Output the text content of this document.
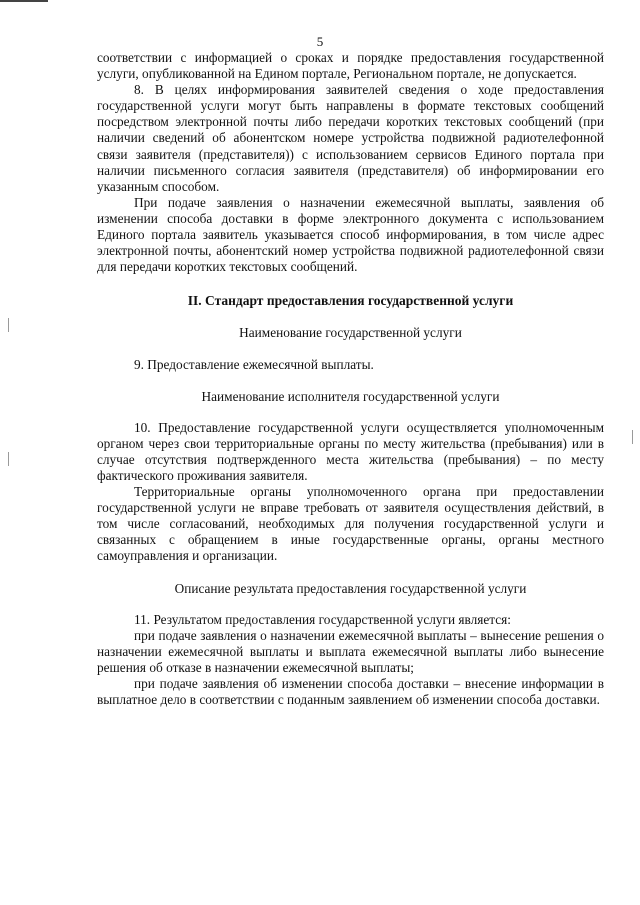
5

соответствии с информацией о сроках и порядке предоставления государственной услуги, опубликованной на Едином портале, Региональном портале, не допускается.

8. В целях информирования заявителей сведения о ходе предоставления государственной услуги могут быть направлены в формате текстовых сообщений посредством электронной почты либо передачи коротких текстовых сообщений (при наличии сведений об абонентском номере устройства подвижной радиотелефонной связи заявителя (представителя)) с использованием сервисов Единого портала при наличии письменного согласия заявителя (представителя) об информировании его указанным способом.

При подаче заявления о назначении ежемесячной выплаты, заявления об изменении способа доставки в форме электронного документа с использованием Единого портала заявитель указывается способ информирования, в том числе адрес электронной почты, абонентский номер устройства подвижной радиотелефонной связи для передачи коротких текстовых сообщений.

II. Стандарт предоставления государственной услуги
Наименование государственной услуги

9. Предоставление ежемесячной выплаты.

Наименование исполнителя государственной услуги

10. Предоставление государственной услуги осуществляется уполномоченным органом через свои территориальные органы по месту жительства (пребывания) или в случае отсутствия подтвержденного места жительства (пребывания) – по месту фактического проживания заявителя.

Территориальные органы уполномоченного органа при предоставлении государственной услуги не вправе требовать от заявителя осуществления действий, в том числе согласований, необходимых для получения государственной услуги и связанных с обращением в иные государственные органы, органы местного самоуправления и организации.

Описание результата предоставления государственной услуги

11. Результатом предоставления государственной услуги является:

при подаче заявления о назначении ежемесячной выплаты – вынесение решения о назначении ежемесячной выплаты и выплата ежемесячной выплаты либо вынесение решения об отказе в назначении ежемесячной выплаты;

при подаче заявления об изменении способа доставки – внесение информации в выплатное дело в соответствии с поданным заявлением об изменении способа доставки.
